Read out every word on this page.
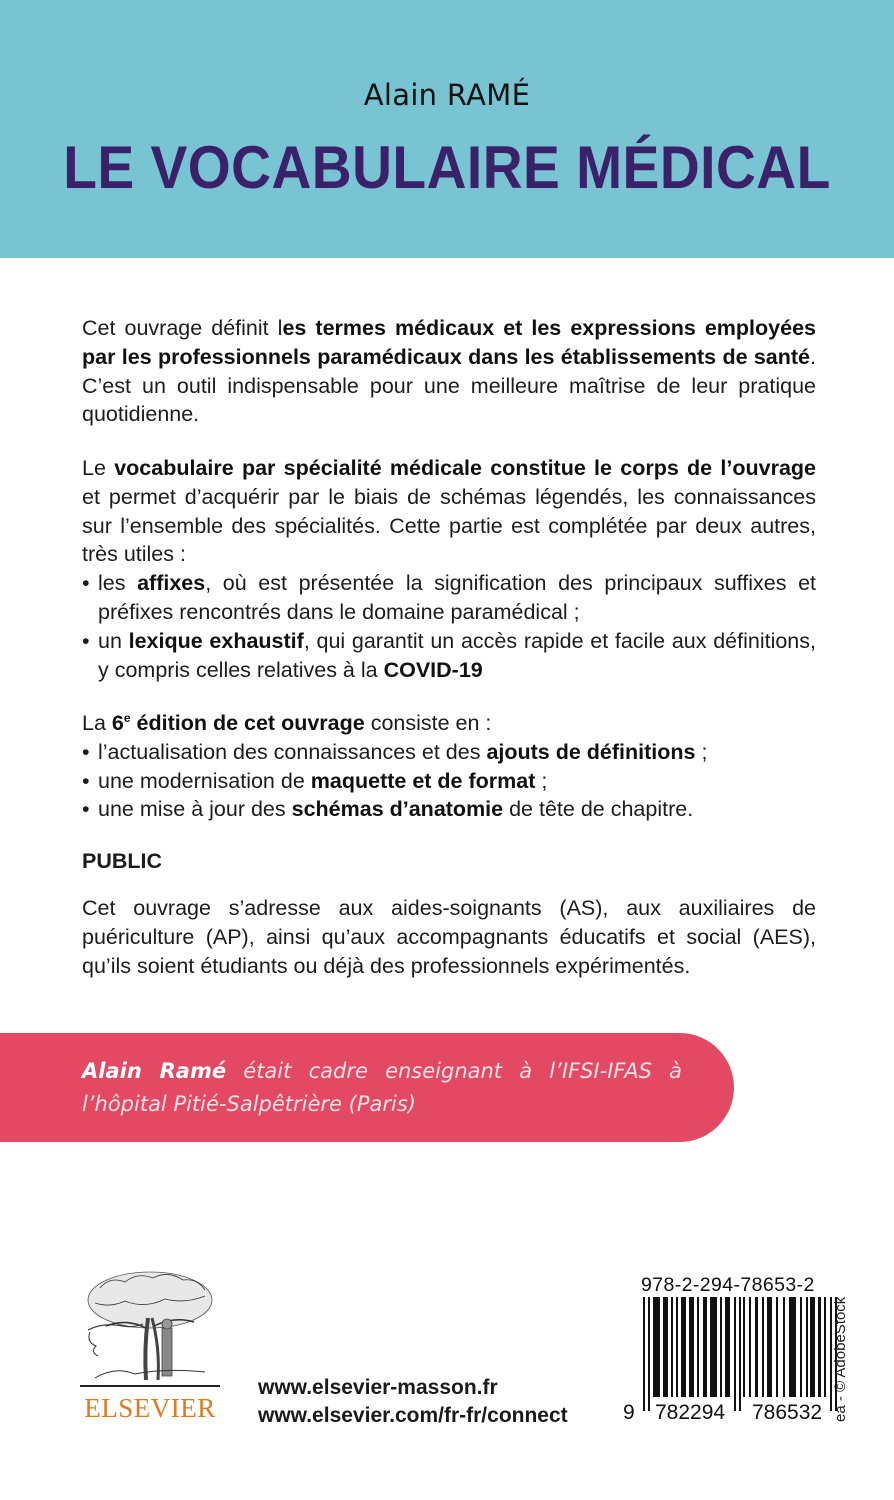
Alain RAMÉ
LE VOCABULAIRE MÉDICAL
Cet ouvrage définit les termes médicaux et les expressions employées par les professionnels paramédicaux dans les établissements de santé. C’est un outil indispensable pour une meilleure maîtrise de leur pratique quotidienne.
Le vocabulaire par spécialité médicale constitue le corps de l’ouvrage et permet d’acquérir par le biais de schémas légendés, les connaissances sur l’ensemble des spécialités. Cette partie est complétée par deux autres, très utiles :
• les affixes, où est présentée la signification des principaux suffixes et préfixes rencontrés dans le domaine paramédical ;
• un lexique exhaustif, qui garantit un accès rapide et facile aux définitions, y compris celles relatives à la COVID-19
La 6e édition de cet ouvrage consiste en :
• l’actualisation des connaissances et des ajouts de définitions ;
• une modernisation de maquette et de format ;
• une mise à jour des schémas d’anatomie de tête de chapitre.
PUBLIC
Cet ouvrage s’adresse aux aides-soignants (AS), aux auxiliaires de puériculture (AP), ainsi qu’aux accompagnants éducatifs et social (AES), qu’ils soient étudiants ou déjà des professionnels expérimentés.
Alain Ramé était cadre enseignant à l’IFSI-IFAS à l’hôpital Pitié-Salpêtrière (Paris)
ELSEVIER
www.elsevier-masson.fr
www.elsevier.com/fr-fr/connect
978-2-294-78653-2
9 782294 786532 ea - © AdobeStock
